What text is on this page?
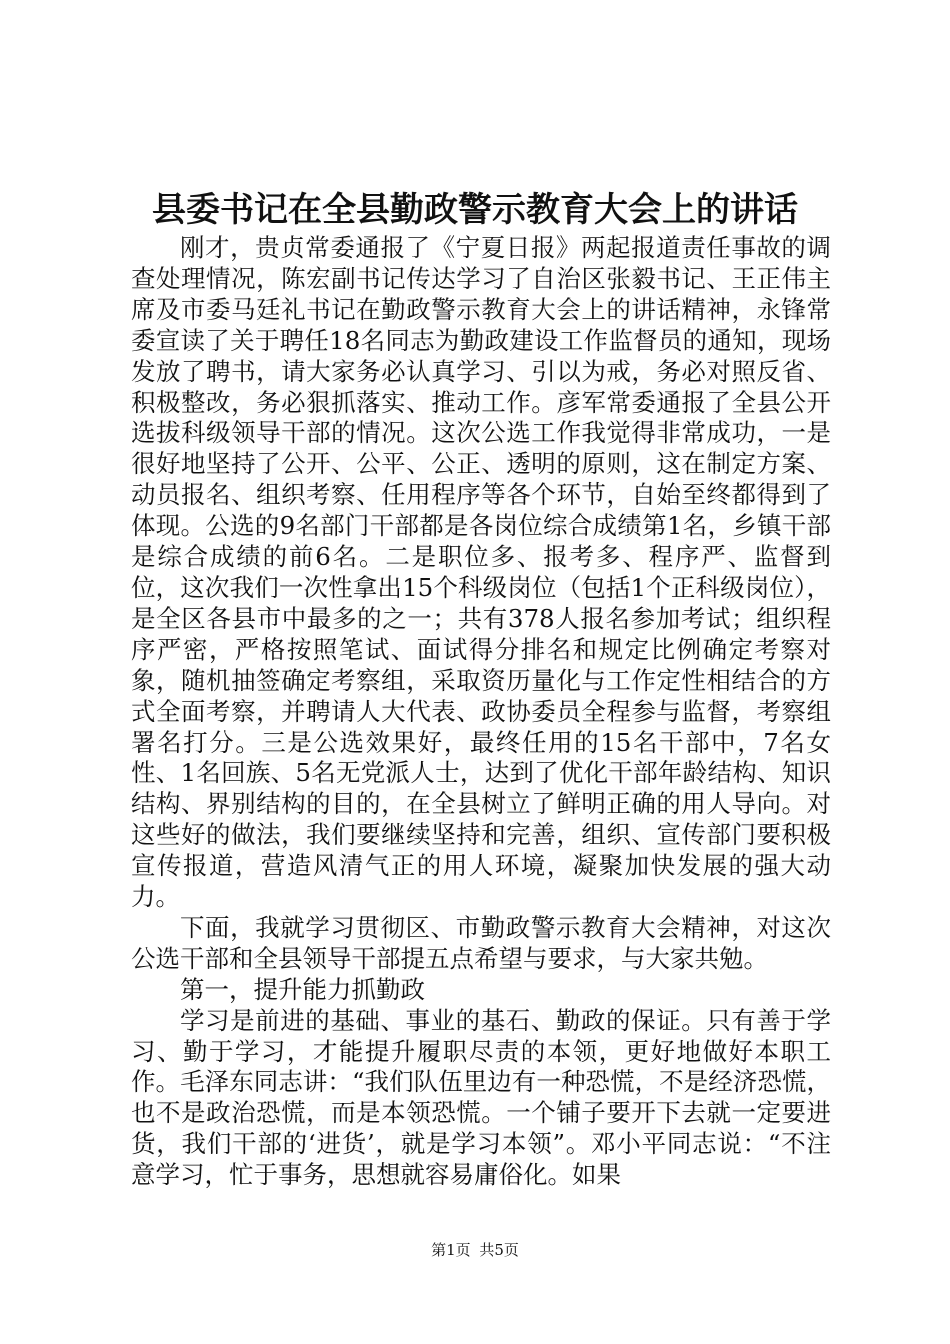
县委书记在全县勤政警示教育大会上的讲话

刚才，贵贞常委通报了《宁夏日报》两起报道责任事故的调查处理情况，陈宏副书记传达学习了自治区张毅书记、王正伟主席及市委马廷礼书记在勤政警示教育大会上的讲话精神，永锋常委宣读了关于聘任18名同志为勤政建设工作监督员的通知，现场发放了聘书，请大家务必认真学习、引以为戒，务必对照反省、积极整改，务必狠抓落实、推动工作。彦军常委通报了全县公开选拔科级领导干部的情况。这次公选工作我觉得非常成功，一是很好地坚持了公开、公平、公正、透明的原则，这在制定方案、动员报名、组织考察、任用程序等各个环节，自始至终都得到了体现。公选的9名部门干部都是各岗位综合成绩第1名，乡镇干部是综合成绩的前6名。二是职位多、报考多、程序严、监督到位，这次我们一次性拿出15个科级岗位（包括1个正科级岗位），是全区各县市中最多的之一；共有378人报名参加考试；组织程序严密，严格按照笔试、面试得分排名和规定比例确定考察对象，随机抽签确定考察组，采取资历量化与工作定性相结合的方式全面考察，并聘请人大代表、政协委员全程参与监督，考察组署名打分。三是公选效果好，最终任用的15名干部中，7名女性、1名回族、5名无党派人士，达到了优化干部年龄结构、知识结构、界别结构的目的，在全县树立了鲜明正确的用人导向。对这些好的做法，我们要继续坚持和完善，组织、宣传部门要积极宣传报道，营造风清气正的用人环境，凝聚加快发展的强大动力。

下面，我就学习贯彻区、市勤政警示教育大会精神，对这次公选干部和全县领导干部提五点希望与要求，与大家共勉。

第一，提升能力抓勤政

学习是前进的基础、事业的基石、勤政的保证。只有善于学习、勤于学习，才能提升履职尽责的本领，更好地做好本职工作。毛泽东同志讲：“我们队伍里边有一种恐慌，不是经济恐慌，也不是政治恐慌，而是本领恐慌。一个铺子要开下去就一定要进货，我们干部的‘进货’，就是学习本领”。邓小平同志说：“不注意学习，忙于事务，思想就容易庸俗化。如果

第1页 共5页
